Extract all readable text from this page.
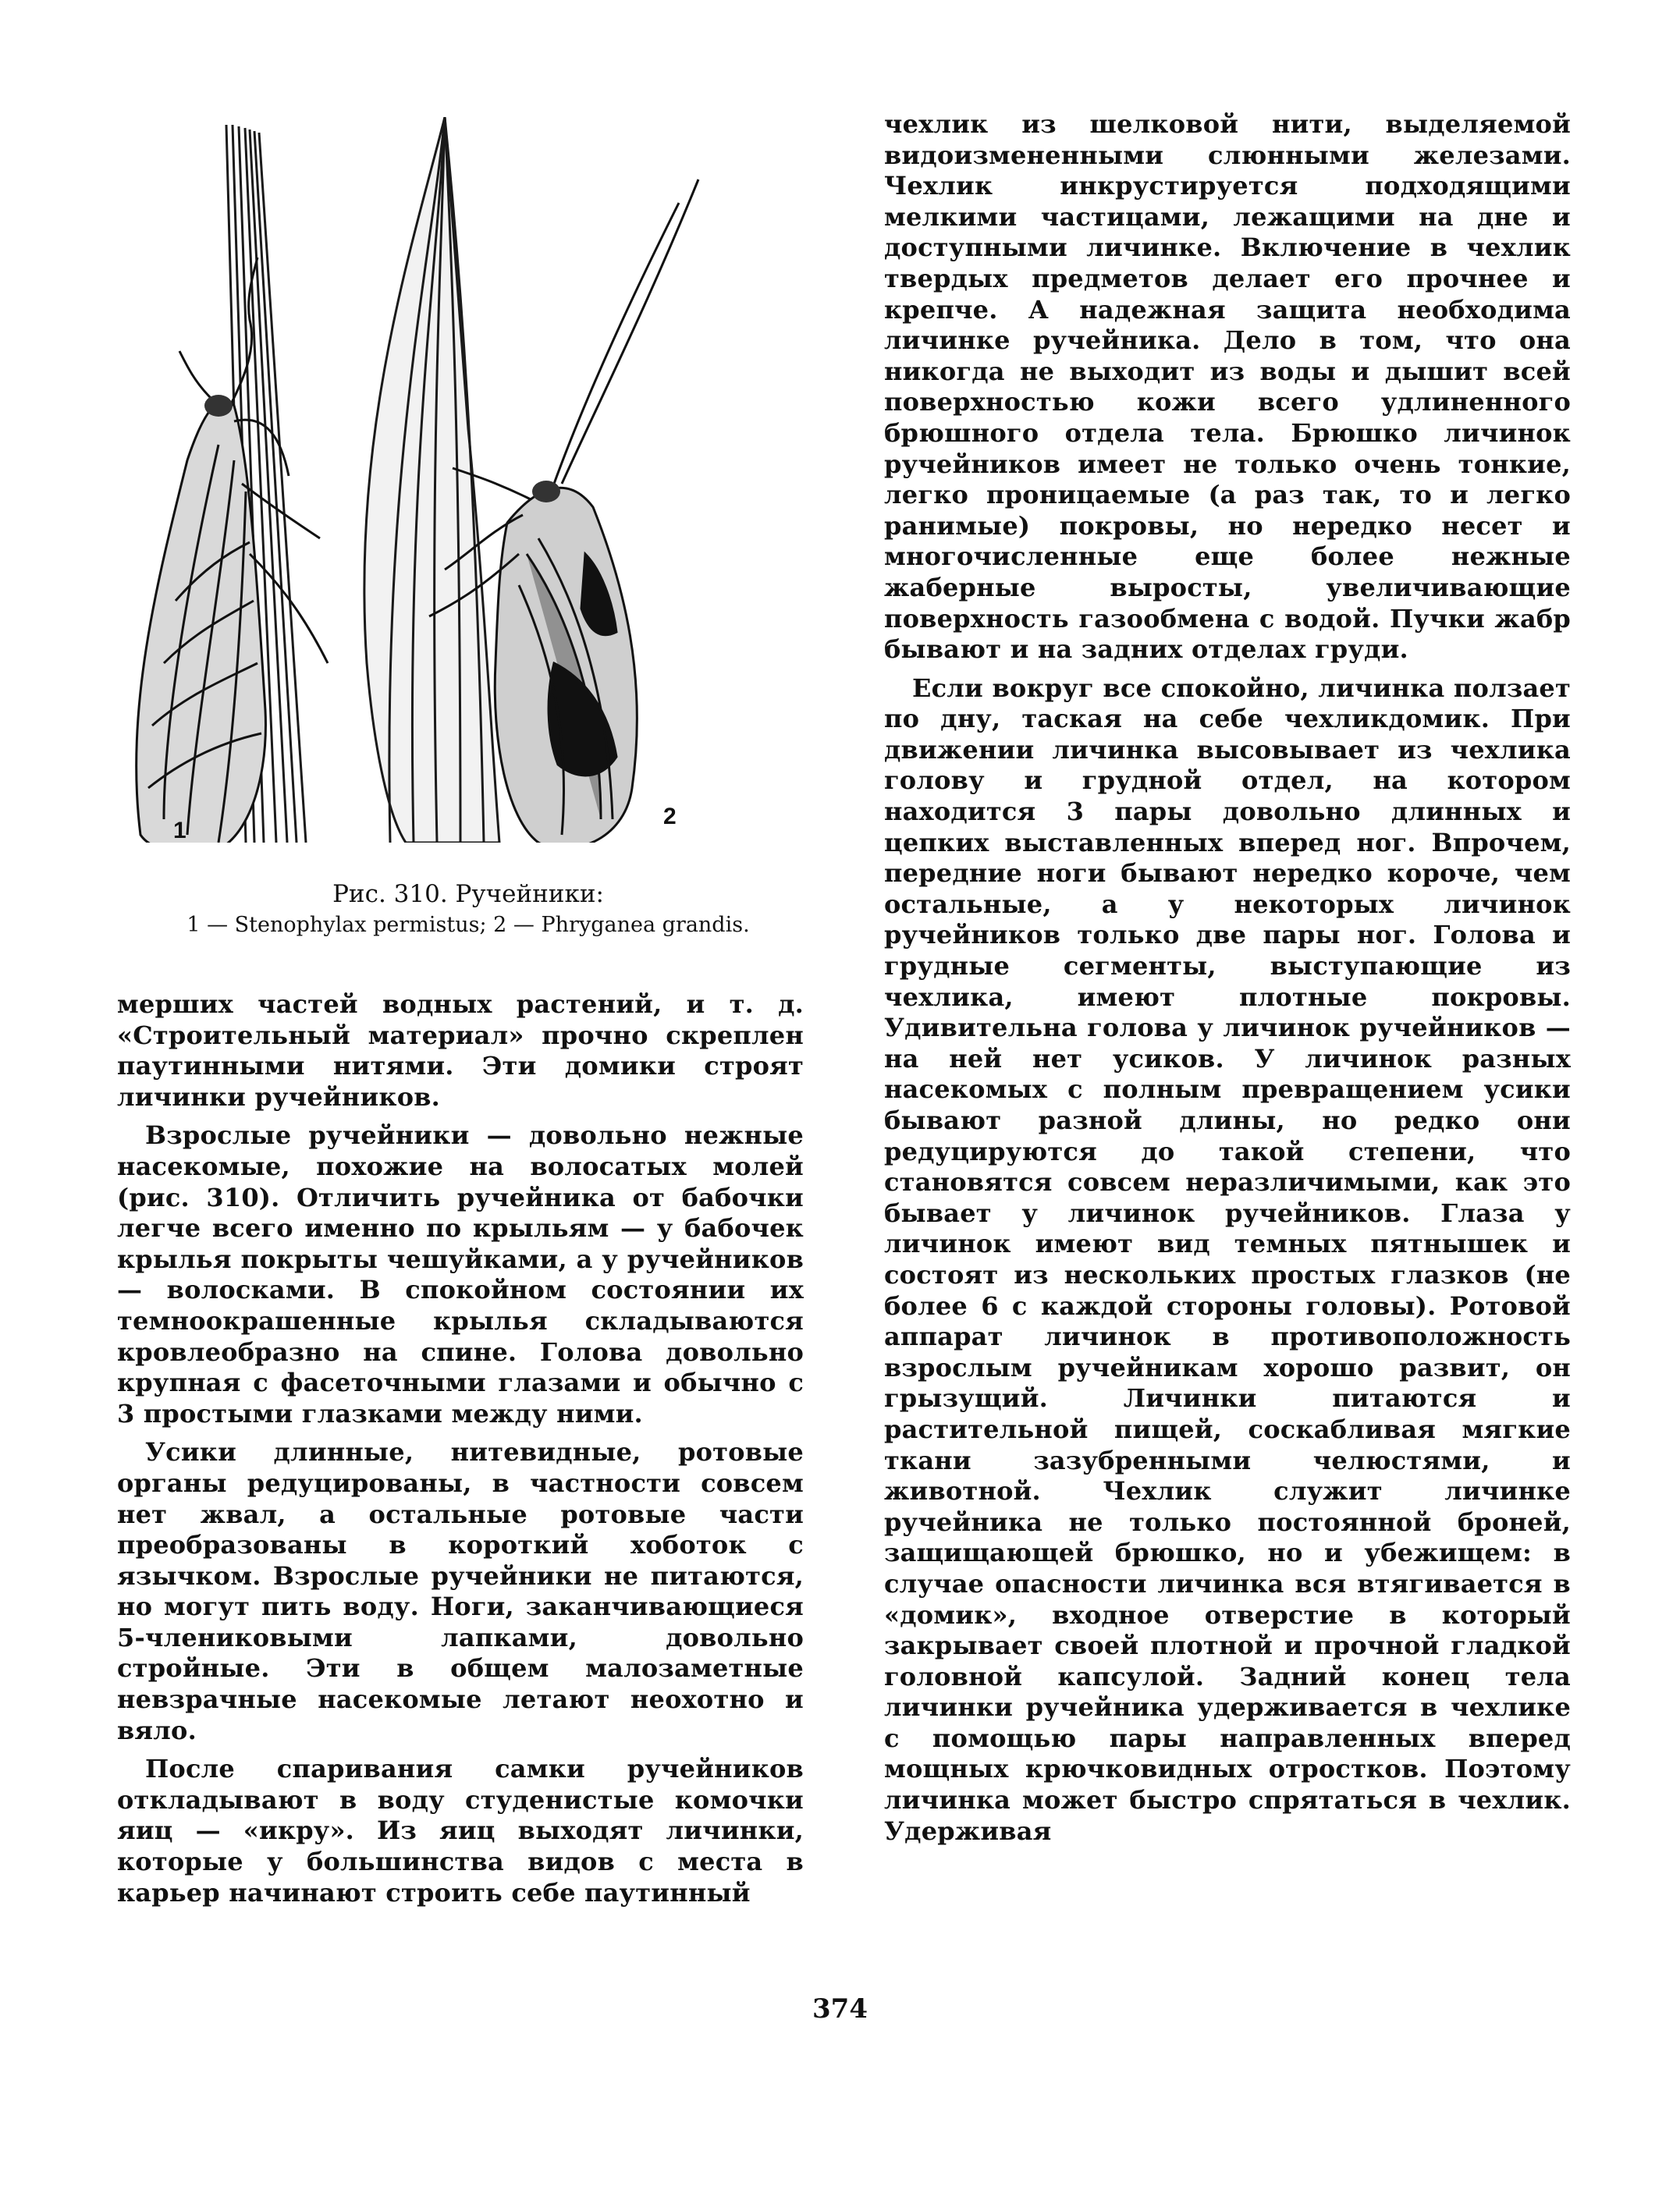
1
2
Рис. 310. Ручейники:
1 — Stenophylax permistus; 2 — Phryganea grandis.

мерших частей водных растений, и т. д. «Строительный материал» прочно скреплен паутинными нитями. Эти домики строят личинки ручейников.

Взрослые ручейники — довольно нежные насекомые, похожие на волосатых молей (рис. 310). Отличить ручейника от бабочки легче всего именно по крыльям — у бабочек крылья покрыты чешуйками, а у ручейников — волосками. В спокойном состоянии их темноокрашенные крылья складываются кровлеобразно на спине. Голова довольно крупная с фасеточными глазами и обычно с 3 простыми глазками между ними.

Усики длинные, нитевидные, ротовые органы редуцированы, в частности совсем нет жвал, а остальные ротовые части преобразованы в короткий хоботок с язычком. Взрослые ручейники не питаются, но могут пить воду. Ноги, заканчивающиеся 5-члениковыми лапками, довольно стройные. Эти в общем малозаметные невзрачные насекомые летают неохотно и вяло.

После спаривания самки ручейников откладывают в воду студенистые комочки яиц — «икру». Из яиц выходят личинки, которые у большинства видов с места в карьер начинают строить себе паутинный

чехлик из шелковой нити, выделяемой видоизмененными слюнными железами. Чехлик инкрустируется подходящими мелкими частицами, лежащими на дне и доступными личинке. Включение в чехлик твердых предметов делает его прочнее и крепче. А надежная защита необходима личинке ручейника. Дело в том, что она никогда не выходит из воды и дышит всей поверхностью кожи всего удлиненного брюшного отдела тела. Брюшко личинок ручейников имеет не только очень тонкие, легко проницаемые (а раз так, то и легко ранимые) покровы, но нередко несет и многочисленные еще более нежные жаберные выросты, увеличивающие поверхность газообмена с водой. Пучки жабр бывают и на задних отделах груди.

Если вокруг все спокойно, личинка ползает по дну, таская на себе чехликдомик. При движении личинка высовывает из чехлика голову и грудной отдел, на котором находится 3 пары довольно длинных и цепких выставленных вперед ног. Впрочем, передние ноги бывают нередко короче, чем остальные, а у некоторых личинок ручейников только две пары ног. Голова и грудные сегменты, выступающие из чехлика, имеют плотные покровы. Удивительна голова у личинок ручейников — на ней нет усиков. У личинок разных насекомых с полным превращением усики бывают разной длины, но редко они редуцируются до такой степени, что становятся совсем неразличимыми, как это бывает у личинок ручейников. Глаза у личинок имеют вид темных пятнышек и состоят из нескольких простых глазков (не более 6 с каждой стороны головы). Ротовой аппарат личинок в противоположность взрослым ручейникам хорошо развит, он грызущий. Личинки питаются и растительной пищей, соскабливая мягкие ткани зазубренными челюстями, и животной. Чехлик служит личинке ручейника не только постоянной броней, защищающей брюшко, но и убежищем: в случае опасности личинка вся втягивается в «домик», входное отверстие в который закрывает своей плотной и прочной гладкой головной капсулой. Задний конец тела личинки ручейника удерживается в чехлике с помощью пары направленных вперед мощных крючковидных отростков. Поэтому личинка может быстро спрятаться в чехлик. Удерживая

374
